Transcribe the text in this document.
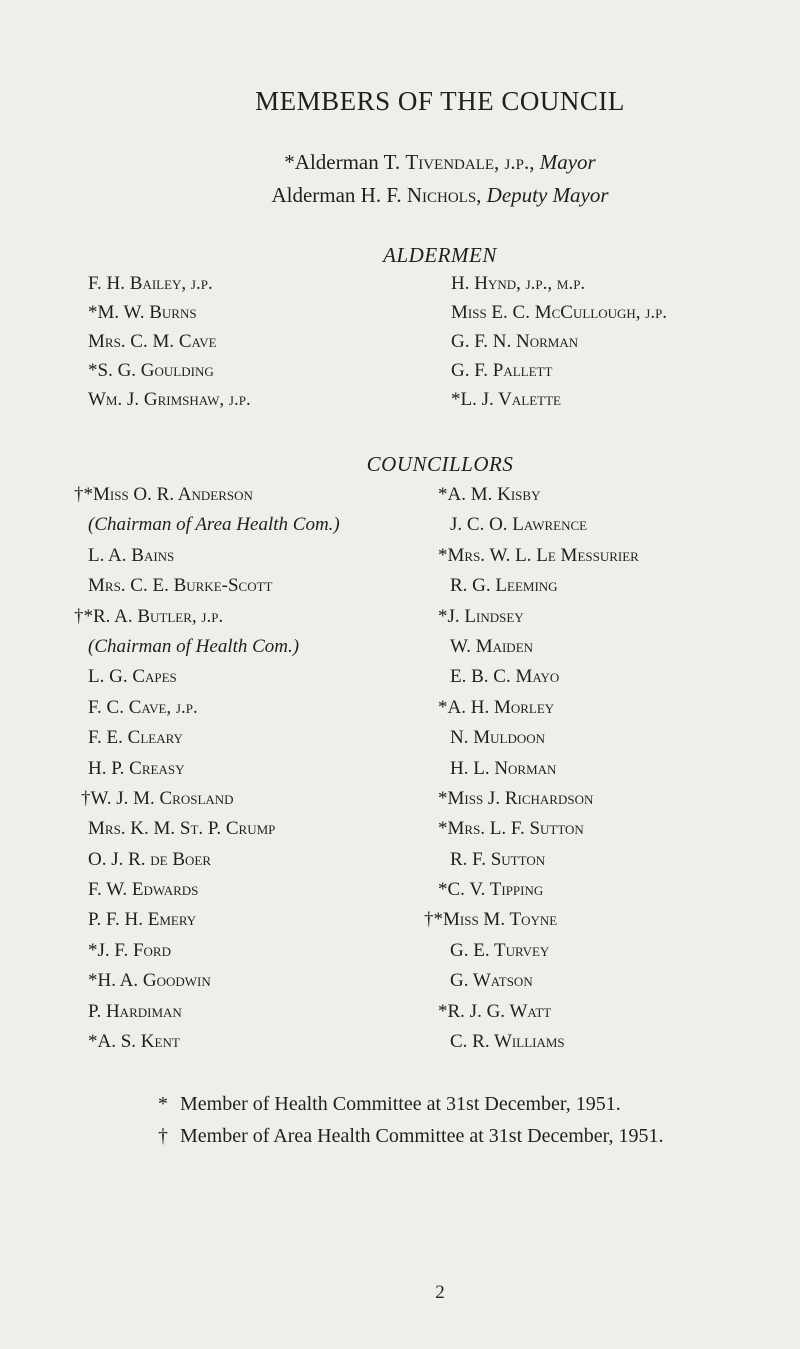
MEMBERS OF THE COUNCIL
*Alderman T. Tivendale, j.p., Mayor
Alderman H. F. Nichols, Deputy Mayor
ALDERMEN
F. H. Bailey, j.p.
*M. W. Burns
Mrs. C. M. Cave
*S. G. Goulding
Wm. J. Grimshaw, j.p.
H. Hynd, j.p., m.p.
Miss E. C. McCullough, j.p.
G. F. N. Norman
G. F. Pallett
*L. J. Valette
COUNCILLORS
†*Miss O. R. Anderson
(Chairman of Area Health Com.)
L. A. Bains
Mrs. C. E. Burke-Scott
†*R. A. Butler, j.p.
(Chairman of Health Com.)
L. G. Capes
F. C. Cave, j.p.
F. E. Cleary
H. P. Creasy
†W. J. M. Crosland
Mrs. K. M. St. P. Crump
O. J. R. de Boer
F. W. Edwards
P. F. H. Emery
*J. F. Ford
*H. A. Goodwin
P. Hardiman
*A. S. Kent
*A. M. Kisby
J. C. O. Lawrence
*Mrs. W. L. Le Messurier
R. G. Leeming
*J. Lindsey
W. Maiden
E. B. C. Mayo
*A. H. Morley
N. Muldoon
H. L. Norman
*Miss J. Richardson
*Mrs. L. F. Sutton
R. F. Sutton
*C. V. Tipping
†*Miss M. Toyne
G. E. Turvey
G. Watson
*R. J. G. Watt
C. R. Williams
* Member of Health Committee at 31st December, 1951.
† Member of Area Health Committee at 31st December, 1951.
2
